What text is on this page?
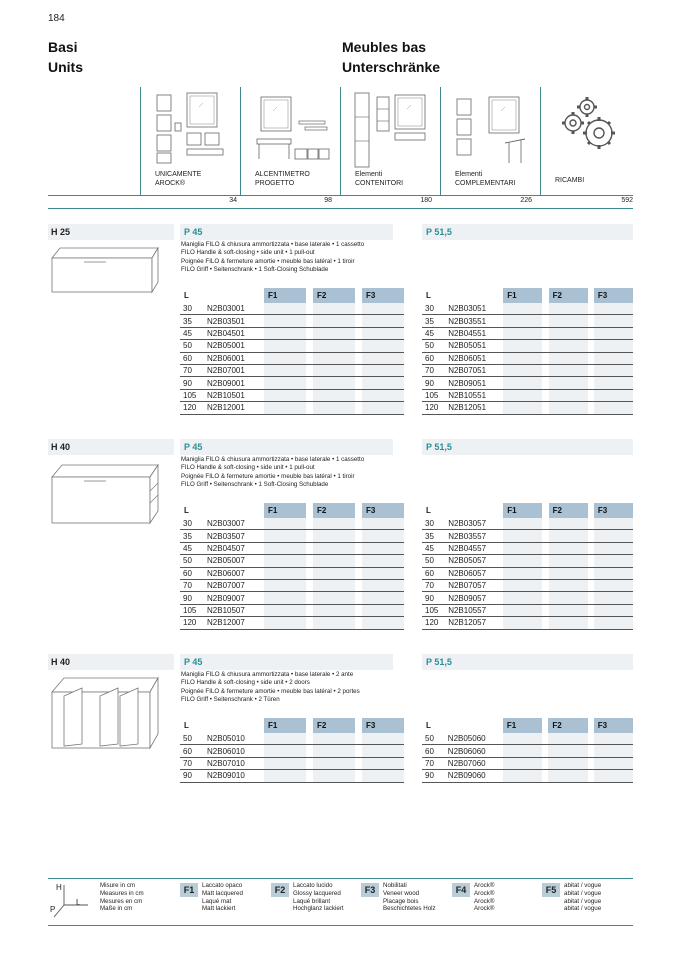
184
Basi
Units
Meubles bas
Unterschränke
UNICAMENTE
AROCK®
34
ALCENTIMETRO
PROGETTO
98
Elementi
CONTENITORI
180
Elementi
COMPLEMENTARI
226
RICAMBI
592
H 25	P 45	P 51,5
Maniglia FILO & chiusura ammortizzata • base laterale • 1 cassetto
FILO Handle & soft-closing • side unit • 1 pull-out
Poignée FILO & fermeture amortie • meuble bas latéral • 1 tiroir
FILO Griff • Seitenschrank • 1 Soft-Closing Schublade
L		F1		F2		F3
30	N2B03001					
35	N2B03501					
45	N2B04501					
50	N2B05001					
60	N2B06001					
70	N2B07001					
90	N2B09001					
105	N2B10501					
120	N2B12001					
L		F1		F2		F3
30	N2B03051					
35	N2B03551					
45	N2B04551					
50	N2B05051					
60	N2B06051					
70	N2B07051					
90	N2B09051					
105	N2B10551					
120	N2B12051					
H 40	P 45	P 51,5
Maniglia FILO & chiusura ammortizzata • base laterale • 1 cassetto
FILO Handle & soft-closing • side unit • 1 pull-out
Poignée FILO & fermeture amortie • meuble bas latéral • 1 tiroir
FILO Griff • Seitenschrank • 1 Soft-Closing Schublade
L		F1		F2		F3
30	N2B03007					
35	N2B03507					
45	N2B04507					
50	N2B05007					
60	N2B06007					
70	N2B07007					
90	N2B09007					
105	N2B10507					
120	N2B12007					
L		F1		F2		F3
30	N2B03057					
35	N2B03557					
45	N2B04557					
50	N2B05057					
60	N2B06057					
70	N2B07057					
90	N2B09057					
105	N2B10557					
120	N2B12057					
H 40	P 45	P 51,5
Maniglia FILO & chiusura ammortizzata • base laterale • 2 ante
FILO Handle & soft-closing • side unit • 2 doors
Poignée FILO & fermeture amortie • meuble bas latéral • 2 portes
FILO Griff • Seitenschrank • 2 Türen
L		F1		F2		F3
50	N2B05010					
60	N2B06010					
70	N2B07010					
90	N2B09010					
L		F1		F2		F3
50	N2B05060					
60	N2B06060					
70	N2B07060					
90	N2B09060					
H
L
P
Misure in cm
Measures in cm
Mesures en cm
Maße in cm
F1	Laccato opaco
Matt lacquered
Laqué mat
Matt lackiert
F2	Laccato lucido
Glossy lacquered
Laqué brillant
Hochglanz lackiert
F3	Nobilitati
Veneer wood
Placage bois
Beschichtetes Holz
F4	Arock®
Arock®
Arock®
Arock®
F5	abitat / vogue
abitat / vogue
abitat / vogue
abitat / vogue
